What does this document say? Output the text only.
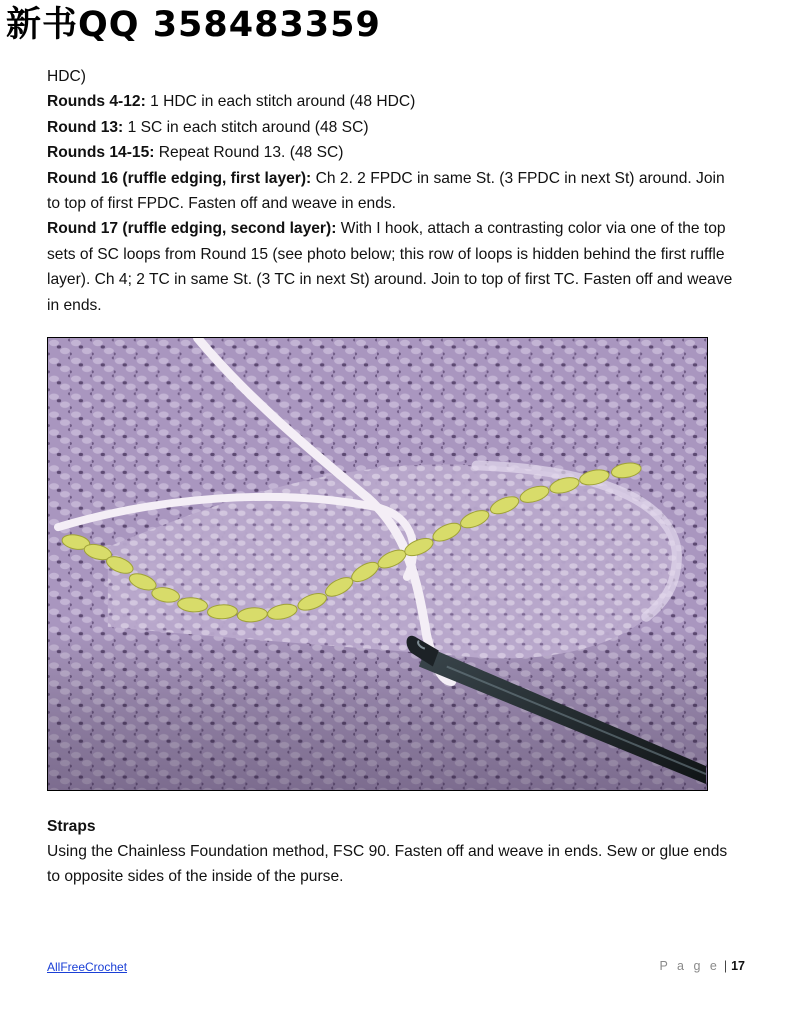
新书QQ 358483359

HDC)

Rounds 4-12: 1 HDC in each stitch around (48 HDC)

Round 13: 1 SC in each stitch around (48 SC)

Rounds 14-15: Repeat Round 13. (48 SC)

Round 16 (ruffle edging, first layer): Ch 2. 2 FPDC in same St. (3 FPDC in next St) around. Join to top of first FPDC. Fasten off and weave in ends.

Round 17 (ruffle edging, second layer): With I hook, attach a contrasting color via one of the top sets of SC loops from Round 15 (see photo below; this row of loops is hidden behind the first ruffle layer). Ch 4; 2 TC in same St. (3 TC in next St) around. Join to top of first TC. Fasten off and weave in ends.

Straps

Using the Chainless Foundation method, FSC 90. Fasten off and weave in ends. Sew or glue ends to opposite sides of the inside of the purse.

AllFreeCrochet	P a g e | 17
